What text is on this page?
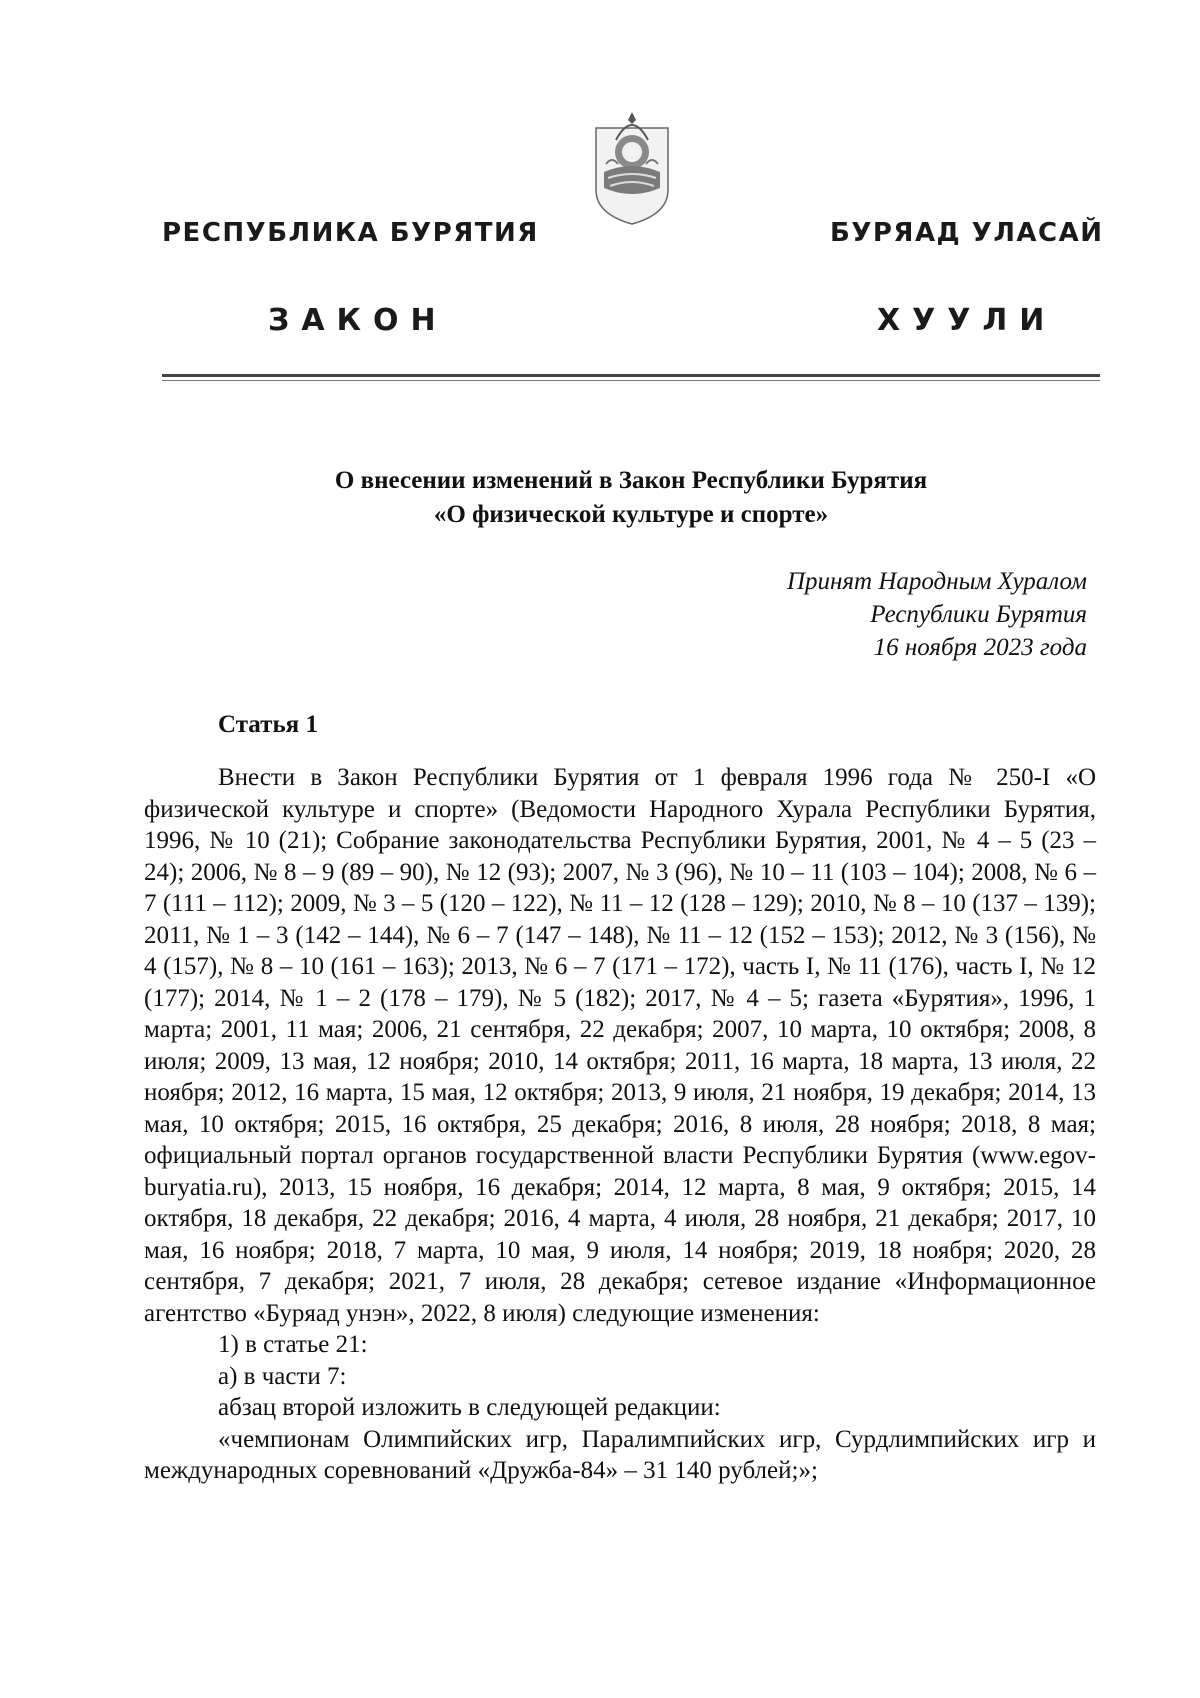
РЕСПУБЛИКА БУРЯТИЯ	БУРЯАД УЛАСАЙ
ЗАКОН	ХУУЛИ
О внесении изменений в Закон Республики Бурятия
«О физической культуре и спорте»
Принят Народным Хуралом
Республики Бурятия
16 ноября 2023 года
Статья 1

Внести в Закон Республики Бурятия от 1 февраля 1996 года № 250-I «О физической культуре и спорте» (Ведомости Народного Хурала Республики Бурятия, 1996, № 10 (21); Собрание законодательства Республики Бурятия, 2001, № 4 – 5 (23 – 24); 2006, № 8 – 9 (89 – 90), № 12 (93); 2007, № 3 (96), № 10 – 11 (103 – 104); 2008, № 6 – 7 (111 – 112); 2009, № 3 – 5 (120 – 122), № 11 – 12 (128 – 129); 2010, № 8 – 10 (137 – 139); 2011, № 1 – 3 (142 – 144), № 6 – 7 (147 – 148), № 11 – 12 (152 – 153); 2012, № 3 (156), № 4 (157), № 8 – 10 (161 – 163); 2013, № 6 – 7 (171 – 172), часть I, № 11 (176), часть I, № 12 (177); 2014, № 1 – 2 (178 – 179), № 5 (182); 2017, № 4 – 5; газета «Бурятия», 1996, 1 марта; 2001, 11 мая; 2006, 21 сентября, 22 декабря; 2007, 10 марта, 10 октября; 2008, 8 июля; 2009, 13 мая, 12 ноября; 2010, 14 октября; 2011, 16 марта, 18 марта, 13 июля, 22 ноября; 2012, 16 марта, 15 мая, 12 октября; 2013, 9 июля, 21 ноября, 19 декабря; 2014, 13 мая, 10 октября; 2015, 16 октября, 25 декабря; 2016, 8 июля, 28 ноября; 2018, 8 мая; официальный портал органов государственной власти Республики Бурятия (www.egov-buryatia.ru), 2013, 15 ноября, 16 декабря; 2014, 12 марта, 8 мая, 9 октября; 2015, 14 октября, 18 декабря, 22 декабря; 2016, 4 марта, 4 июля, 28 ноября, 21 декабря; 2017, 10 мая, 16 ноября; 2018, 7 марта, 10 мая, 9 июля, 14 ноября; 2019, 18 ноября; 2020, 28 сентября, 7 декабря; 2021, 7 июля, 28 декабря; сетевое издание «Информационное агентство «Буряад унэн», 2022, 8 июля) следующие изменения:

1) в статье 21:

а) в части 7:

абзац второй изложить в следующей редакции:

«чемпионам Олимпийских игр, Паралимпийских игр, Сурдлимпийских игр и международных соревнований «Дружба-84» – 31 140 рублей;»;
